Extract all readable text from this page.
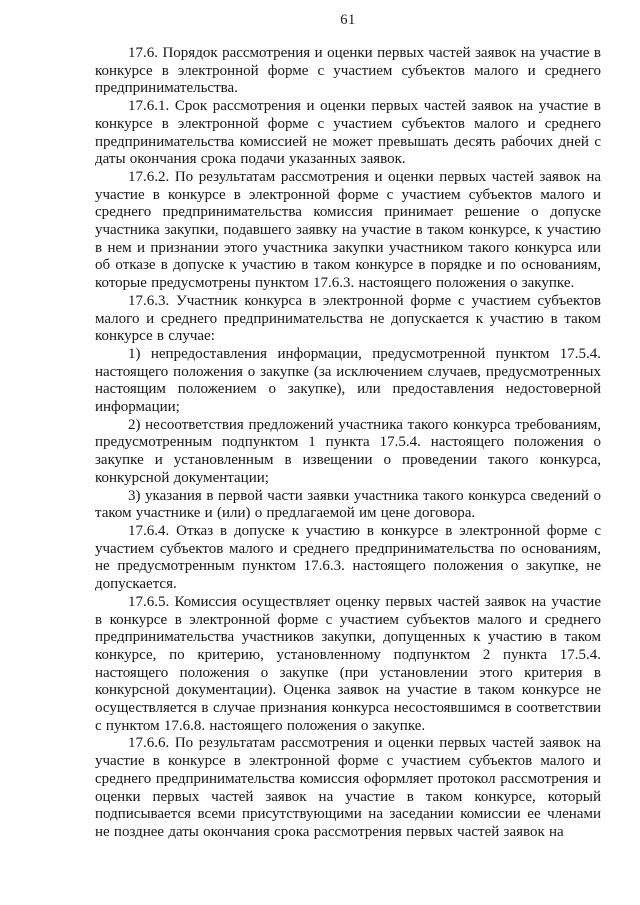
61

17.6. Порядок рассмотрения и оценки первых частей заявок на участие в конкурсе в электронной форме с участием субъектов малого и среднего предпринимательства.

17.6.1. Срок рассмотрения и оценки первых частей заявок на участие в конкурсе в электронной форме с участием субъектов малого и среднего предпринимательства комиссией не может превышать десять рабочих дней с даты окончания срока подачи указанных заявок.

17.6.2. По результатам рассмотрения и оценки первых частей заявок на участие в конкурсе в электронной форме с участием субъектов малого и среднего предпринимательства комиссия принимает решение о допуске участника закупки, подавшего заявку на участие в таком конкурсе, к участию в нем и признании этого участника закупки участником такого конкурса или об отказе в допуске к участию в таком конкурсе в порядке и по основаниям, которые предусмотрены пунктом 17.6.3. настоящего положения о закупке.

17.6.3. Участник конкурса в электронной форме с участием субъектов малого и среднего предпринимательства не допускается к участию в таком конкурсе в случае:

1) непредоставления информации, предусмотренной пунктом 17.5.4. настоящего положения о закупке (за исключением случаев, предусмотренных настоящим положением о закупке), или предоставления недостоверной информации;

2) несоответствия предложений участника такого конкурса требованиям, предусмотренным подпунктом 1 пункта 17.5.4. настоящего положения о закупке и установленным в извещении о проведении такого конкурса, конкурсной документации;

3) указания в первой части заявки участника такого конкурса сведений о таком участнике и (или) о предлагаемой им цене договора.

17.6.4. Отказ в допуске к участию в конкурсе в электронной форме с участием субъектов малого и среднего предпринимательства по основаниям, не предусмотренным пунктом 17.6.3. настоящего положения о закупке, не допускается.

17.6.5. Комиссия осуществляет оценку первых частей заявок на участие в конкурсе в электронной форме с участием субъектов малого и среднего предпринимательства участников закупки, допущенных к участию в таком конкурсе, по критерию, установленному подпунктом 2 пункта 17.5.4. настоящего положения о закупке (при установлении этого критерия в конкурсной документации). Оценка заявок на участие в таком конкурсе не осуществляется в случае признания конкурса несостоявшимся в соответствии с пунктом 17.6.8. настоящего положения о закупке.

17.6.6. По результатам рассмотрения и оценки первых частей заявок на участие в конкурсе в электронной форме с участием субъектов малого и среднего предпринимательства комиссия оформляет протокол рассмотрения и оценки первых частей заявок на участие в таком конкурсе, который подписывается всеми присутствующими на заседании комиссии ее членами не позднее даты окончания срока рассмотрения первых частей заявок на
